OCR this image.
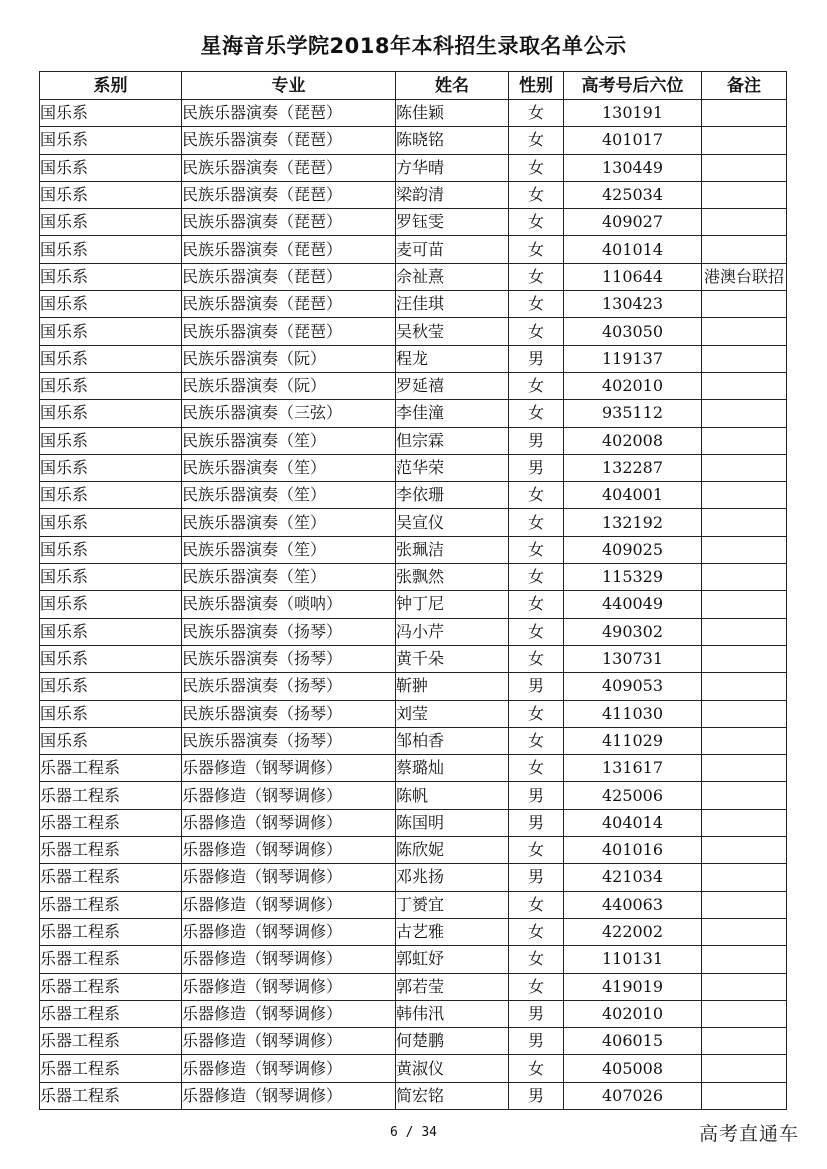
星海音乐学院2018年本科招生录取名单公示
系别	专业	姓名	性别	高考号后六位	备注
国乐系	民族乐器演奏（琵琶）	陈佳颖	女	130191	
国乐系	民族乐器演奏（琵琶）	陈晓铭	女	401017	
国乐系	民族乐器演奏（琵琶）	方华晴	女	130449	
国乐系	民族乐器演奏（琵琶）	梁韵清	女	425034	
国乐系	民族乐器演奏（琵琶）	罗钰雯	女	409027	
国乐系	民族乐器演奏（琵琶）	麦可苗	女	401014	
国乐系	民族乐器演奏（琵琶）	佘祉熹	女	110644	港澳台联招
国乐系	民族乐器演奏（琵琶）	汪佳琪	女	130423	
国乐系	民族乐器演奏（琵琶）	吴秋莹	女	403050	
国乐系	民族乐器演奏（阮）	程龙	男	119137	
国乐系	民族乐器演奏（阮）	罗延禧	女	402010	
国乐系	民族乐器演奏（三弦）	李佳潼	女	935112	
国乐系	民族乐器演奏（笙）	但宗霖	男	402008	
国乐系	民族乐器演奏（笙）	范华荣	男	132287	
国乐系	民族乐器演奏（笙）	李依珊	女	404001	
国乐系	民族乐器演奏（笙）	吴宣仪	女	132192	
国乐系	民族乐器演奏（笙）	张珮洁	女	409025	
国乐系	民族乐器演奏（笙）	张飘然	女	115329	
国乐系	民族乐器演奏（唢呐）	钟丁尼	女	440049	
国乐系	民族乐器演奏（扬琴）	冯小芹	女	490302	
国乐系	民族乐器演奏（扬琴）	黄千朵	女	130731	
国乐系	民族乐器演奏（扬琴）	靳翀	男	409053	
国乐系	民族乐器演奏（扬琴）	刘莹	女	411030	
国乐系	民族乐器演奏（扬琴）	邹柏香	女	411029	
乐器工程系	乐器修造（钢琴调修）	蔡璐灿	女	131617	
乐器工程系	乐器修造（钢琴调修）	陈帆	男	425006	
乐器工程系	乐器修造（钢琴调修）	陈国明	男	404014	
乐器工程系	乐器修造（钢琴调修）	陈欣妮	女	401016	
乐器工程系	乐器修造（钢琴调修）	邓兆扬	男	421034	
乐器工程系	乐器修造（钢琴调修）	丁赟宜	女	440063	
乐器工程系	乐器修造（钢琴调修）	古艺雅	女	422002	
乐器工程系	乐器修造（钢琴调修）	郭虹妤	女	110131	
乐器工程系	乐器修造（钢琴调修）	郭若莹	女	419019	
乐器工程系	乐器修造（钢琴调修）	韩伟汛	男	402010	
乐器工程系	乐器修造（钢琴调修）	何楚鹏	男	406015	
乐器工程系	乐器修造（钢琴调修）	黄淑仪	女	405008	
乐器工程系	乐器修造（钢琴调修）	简宏铭	男	407026	
6 / 34	高考直通车
